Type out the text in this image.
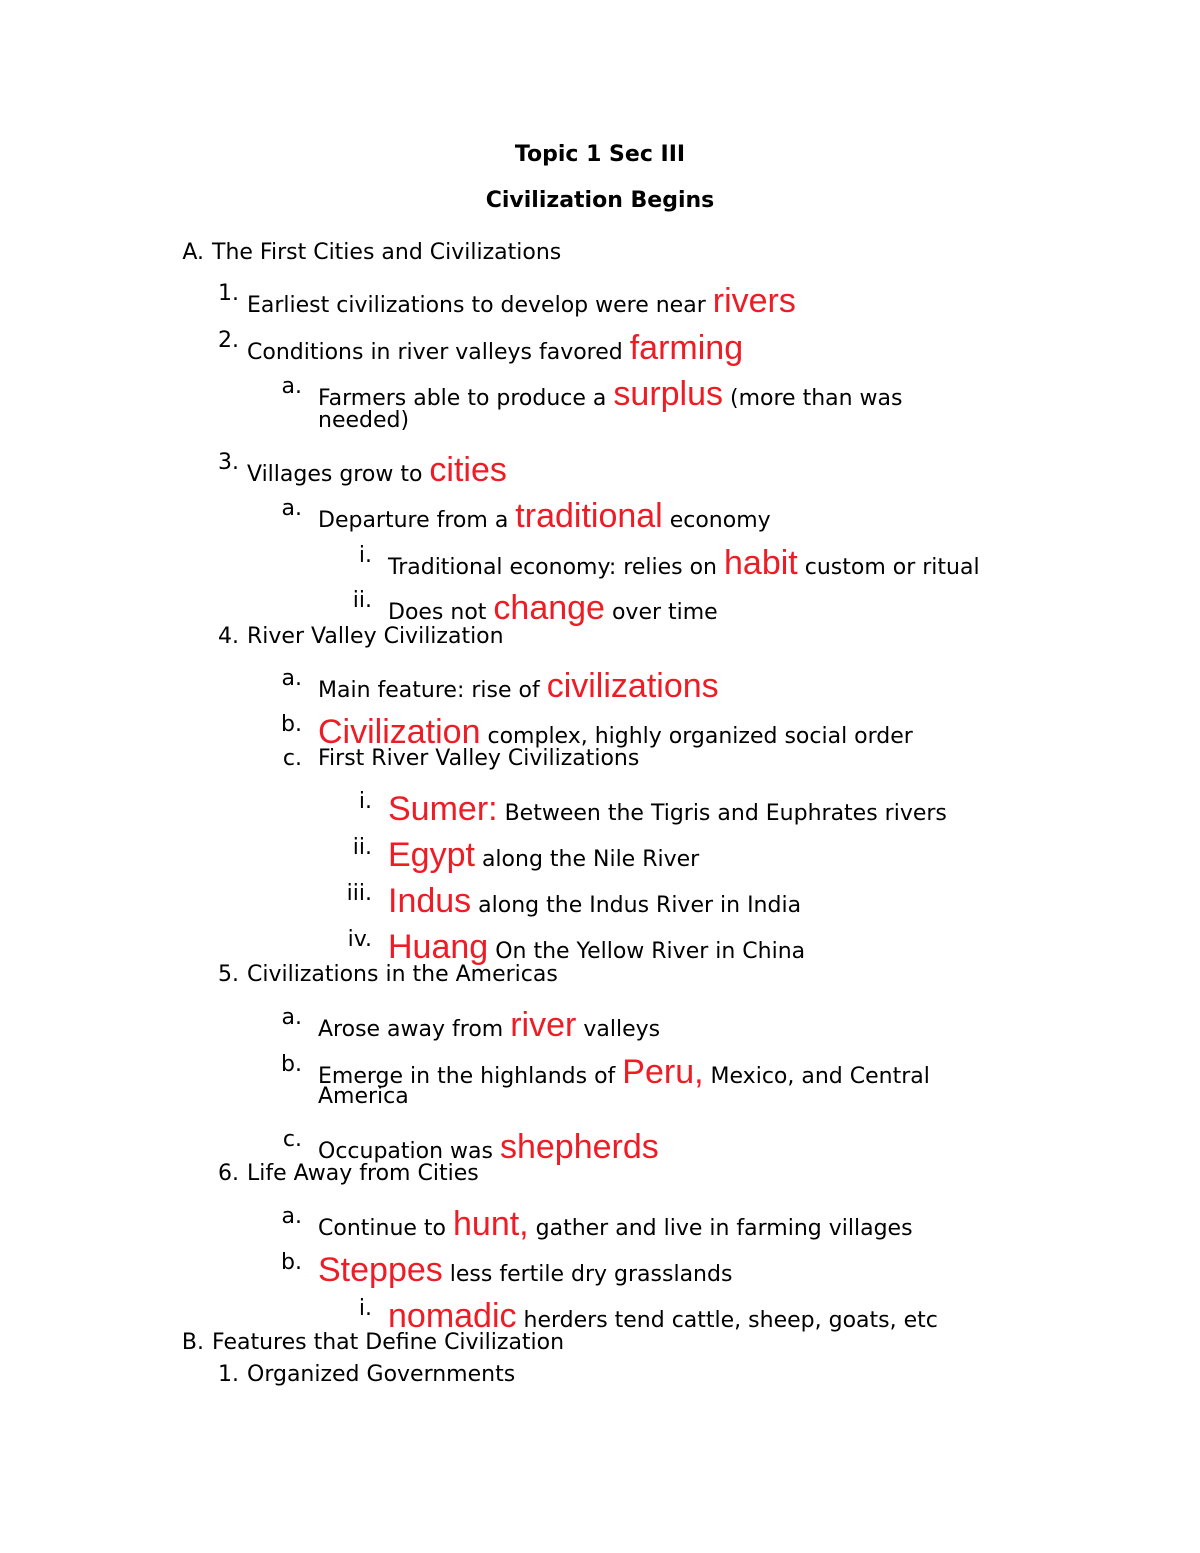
Topic 1 Sec III
Civilization Begins
A. The First Cities and Civilizations
1. Earliest civilizations to develop were near rivers
2. Conditions in river valleys favored farming
a. Farmers able to produce a surplus (more than was
needed)
3. Villages grow to cities
a. Departure from a traditional economy
i. Traditional economy: relies on habit custom or ritual
ii. Does not change over time
4. River Valley Civilization
a. Main feature: rise of civilizations
b. Civilization complex, highly organized social order
c. First River Valley Civilizations
i. Sumer: Between the Tigris and Euphrates rivers
ii. Egypt along the Nile River
iii. Indus along the Indus River in India
iv. Huang On the Yellow River in China
5. Civilizations in the Americas
a. Arose away from river valleys
b. Emerge in the highlands of Peru, Mexico, and Central
America
c. Occupation was shepherds
6. Life Away from Cities
a. Continue to hunt, gather and live in farming villages
b. Steppes less fertile dry grasslands
i. nomadic herders tend cattle, sheep, goats, etc
B. Features that Define Civilization
1. Organized Governments
